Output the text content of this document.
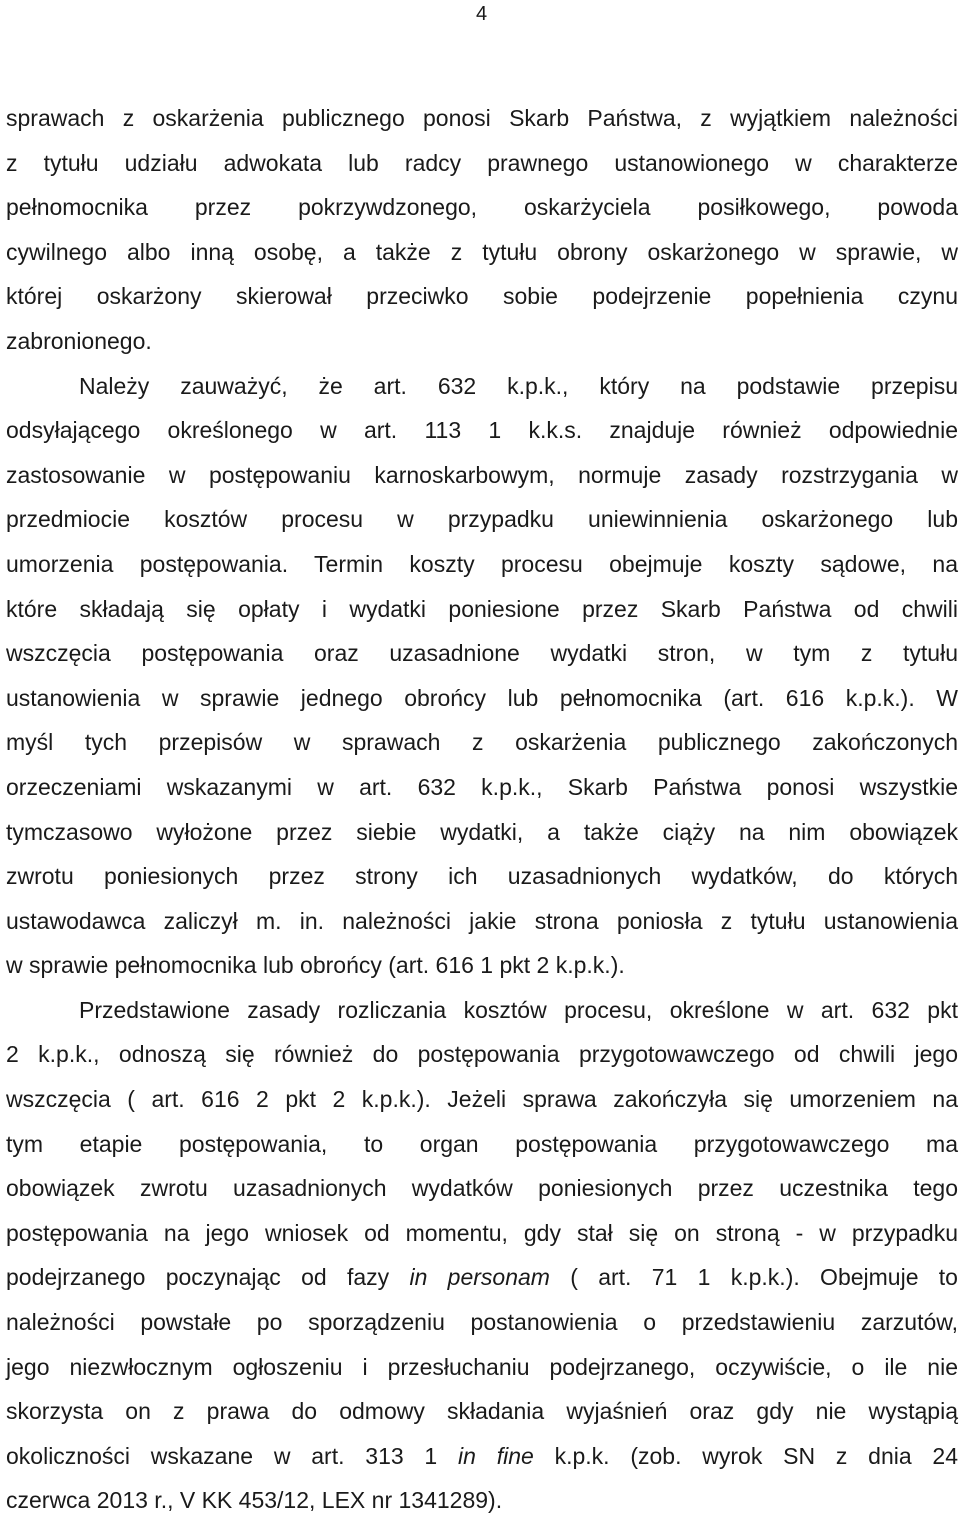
4
sprawach z oskarżenia publicznego ponosi Skarb Państwa, z wyjątkiem należności
z tytułu udziału adwokata lub radcy prawnego ustanowionego w charakterze
pełnomocnika przez pokrzywdzonego, oskarżyciela posiłkowego, powoda
cywilnego albo inną osobę, a także z tytułu obrony oskarżonego w sprawie, w
której oskarżony skierował przeciwko sobie podejrzenie popełnienia czynu
zabronionego.
Należy zauważyć, że art. 632 k.p.k., który na podstawie przepisu
odsyłającego określonego w art. 113 1 k.k.s. znajduje również odpowiednie
zastosowanie w postępowaniu karnoskarbowym, normuje zasady rozstrzygania w
przedmiocie kosztów procesu w przypadku uniewinnienia oskarżonego lub
umorzenia postępowania. Termin koszty procesu obejmuje koszty sądowe, na
które składają się opłaty i wydatki poniesione przez Skarb Państwa od chwili
wszczęcia postępowania oraz uzasadnione wydatki stron, w tym z tytułu
ustanowienia w sprawie jednego obrońcy lub pełnomocnika (art. 616 k.p.k.). W
myśl tych przepisów w sprawach z oskarżenia publicznego zakończonych
orzeczeniami wskazanymi w art. 632 k.p.k., Skarb Państwa ponosi wszystkie
tymczasowo wyłożone przez siebie wydatki, a także ciąży na nim obowiązek
zwrotu poniesionych przez strony ich uzasadnionych wydatków, do których
ustawodawca zaliczył m. in. należności jakie strona poniosła z tytułu ustanowienia
w sprawie pełnomocnika lub obrońcy (art. 616 1 pkt 2 k.p.k.).
Przedstawione zasady rozliczania kosztów procesu, określone w art. 632 pkt
2 k.p.k., odnoszą się również do postępowania przygotowawczego od chwili jego
wszczęcia ( art. 616 2 pkt 2 k.p.k.). Jeżeli sprawa zakończyła się umorzeniem na
tym etapie postępowania, to organ postępowania przygotowawczego ma
obowiązek zwrotu uzasadnionych wydatków poniesionych przez uczestnika tego
postępowania na jego wniosek od momentu, gdy stał się on stroną - w przypadku
podejrzanego poczynając od fazy in personam ( art. 71 1 k.p.k.). Obejmuje to
należności powstałe po sporządzeniu postanowienia o przedstawieniu zarzutów,
jego niezwłocznym ogłoszeniu i przesłuchaniu podejrzanego, oczywiście, o ile nie
skorzysta on z prawa do odmowy składania wyjaśnień oraz gdy nie wystąpią
okoliczności wskazane w art. 313 1 in fine k.p.k. (zob. wyrok SN z dnia 24
czerwca 2013 r., V KK 453/12, LEX nr 1341289).
